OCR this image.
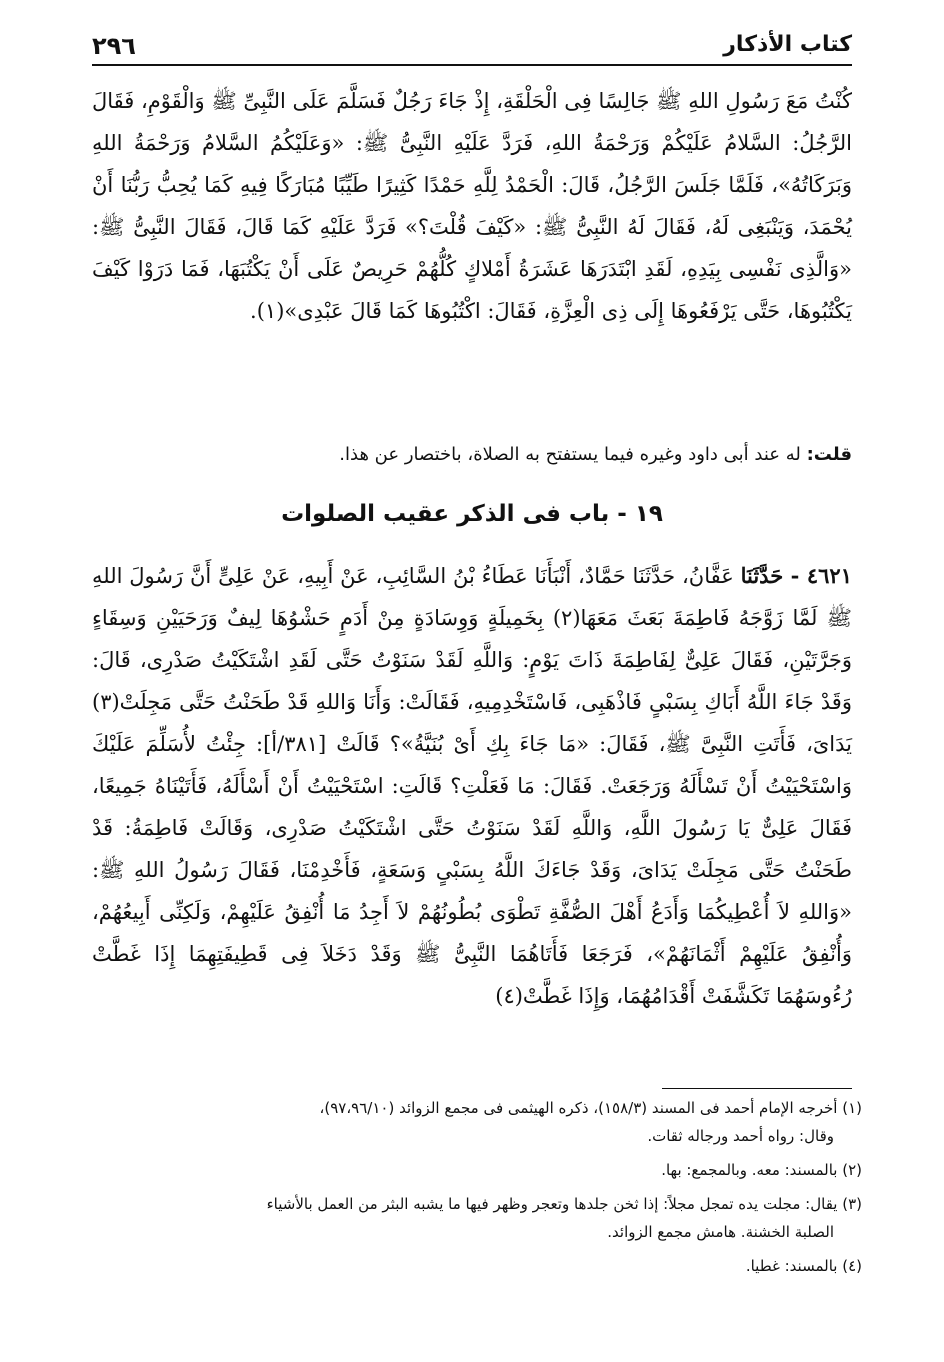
٢٩٦	كتاب الأذكار
كُنْتُ مَعَ رَسُولِ اللهِ ﷺ جَالِسًا فِى الْحَلْقَةِ، إِذْ جَاءَ رَجُلٌ فَسَلَّمَ عَلَى النَّبِىِّ ﷺ وَالْقَوْمِ، فَقَالَ الرَّجُلُ: السَّلامُ عَلَيْكُمْ وَرَحْمَةُ اللهِ، فَرَدَّ عَلَيْهِ النَّبِىُّ ﷺ: «وَعَلَيْكُمُ السَّلامُ وَرَحْمَةُ اللهِ وَبَرَكَاتُهُ»، فَلَمَّا جَلَسَ الرَّجُلُ، قَالَ: الْحَمْدُ لِلَّهِ حَمْدًا كَثِيرًا طَيِّبًا مُبَارَكًا فِيهِ كَمَا يُحِبُّ رَبُّنَا أَنْ يُحْمَدَ، وَيَنْبَغِى لَهُ، فَقَالَ لَهُ النَّبِىُّ ﷺ: «كَيْفَ قُلْتَ؟» فَرَدَّ عَلَيْهِ كَمَا قَالَ، فَقَالَ النَّبِىُّ ﷺ: «وَالَّذِى نَفْسِى بِيَدِهِ، لَقَدِ ابْتَدَرَهَا عَشَرَةُ أَمْلاكٍ كُلُّهُمْ حَرِيصٌ عَلَى أَنْ يَكْتُبَهَا، فَمَا دَرَوْا كَيْفَ يَكْتُبُوهَا، حَتَّى يَرْفَعُوهَا إِلَى ذِى الْعِزَّةِ، فَقَالَ: اكْتُبُوهَا كَمَا قَالَ عَبْدِى»(١).
قلت: له عند أبى داود وغيره فيما يستفتح به الصلاة، باختصار عن هذا.
١٩ - باب فى الذكر عقيب الصلوات
٤٦٢١ - حَدَّثَنَا عَفَّانُ، حَدَّثَنَا حَمَّادٌ، أَنْبَأَنَا عَطَاءُ بْنُ السَّائِبِ، عَنْ أَبِيهِ، عَنْ عَلِىٍّ أَنَّ رَسُولَ اللهِ ﷺ لَمَّا زَوَّجَهُ فَاطِمَةَ بَعَثَ مَعَهَا(٢) بِخَمِيلَةٍ وَوِسَادَةٍ مِنْ أَدَمٍ حَشْوُهَا لِيفٌ وَرَحَيَيْنِ وَسِقَاءٍ وَجَرَّتَيْنِ، فَقَالَ عَلِىٌّ لِفَاطِمَةَ ذَاتَ يَوْمٍ: وَاللَّهِ لَقَدْ سَنَوْتُ حَتَّى لَقَدِ اشْتَكَيْتُ صَدْرِى، قَالَ: وَقَدْ جَاءَ اللَّهُ أَبَاكِ بِسَبْىٍ فَاذْهَبِى، فَاسْتَخْدِمِيهِ، فَقَالَتْ: وَأَنَا وَاللهِ قَدْ طَحَنْتُ حَتَّى مَجِلَتْ(٣) يَدَاىَ، فَأَتَتِ النَّبِىَّ ﷺ، فَقَالَ: «مَا جَاءَ بِكِ أَىْ بُنَيَّةُ»؟ قَالَتْ [٣٨١/أ]: جِئْتُ لأُسَلِّمَ عَلَيْكَ وَاسْتَحْيَيْتُ أَنْ تَسْأَلَهُ وَرَجَعَتْ. فَقَالَ: مَا فَعَلْتِ؟ قَالَتِ: اسْتَحْيَيْتُ أَنْ أَسْأَلَهُ، فَأَتَيْنَاهُ جَمِيعًا، فَقَالَ عَلِىٌّ يَا رَسُولَ اللَّهِ، وَاللَّهِ لَقَدْ سَنَوْتُ حَتَّى اشْتَكَيْتُ صَدْرِى، وَقَالَتْ فَاطِمَةُ: قَدْ طَحَنْتُ حَتَّى مَجِلَتْ يَدَاىَ، وَقَدْ جَاءَكَ اللَّهُ بِسَبْىٍ وَسَعَةٍ، فَأَخْدِمْنَا، فَقَالَ رَسُولُ اللهِ ﷺ: «وَاللهِ لاَ أُعْطِيكُمَا وَأَدَعُ أَهْلَ الصُّفَّةِ تَطْوَى بُطُونُهُمْ لاَ أَجِدُ مَا أُنْفِقُ عَلَيْهِمْ، وَلَكِنِّى أَبِيعُهُمْ، وَأُنْفِقُ عَلَيْهِمْ أَثْمَانَهُمْ»، فَرَجَعَا فَأَتَاهُمَا النَّبِىُّ ﷺ وَقَدْ دَخَلاَ فِى قَطِيفَتِهِمَا إِذَا غَطَّتْ رُءُوسَهُمَا تَكَشَّفَتْ أَقْدَامُهُمَا، وَإِذَا غَطَّتْ(٤)
(١) أخرجه الإمام أحمد فى المسند (١٥٨/٣)، ذكره الهيثمى فى مجمع الزوائد (٩٧،٩٦/١٠)،
وقال: رواه أحمد ورجاله ثقات.
(٢) بالمسند: معه. وبالمجمع: بها.
(٣) يقال: مجلت يده تمجل مجلاً: إذا ثخن جلدها وتعجر وظهر فيها ما يشبه البثر من العمل بالأشياء
الصلبة الخشنة. هامش مجمع الزوائد.
(٤) بالمسند: غطيا.
